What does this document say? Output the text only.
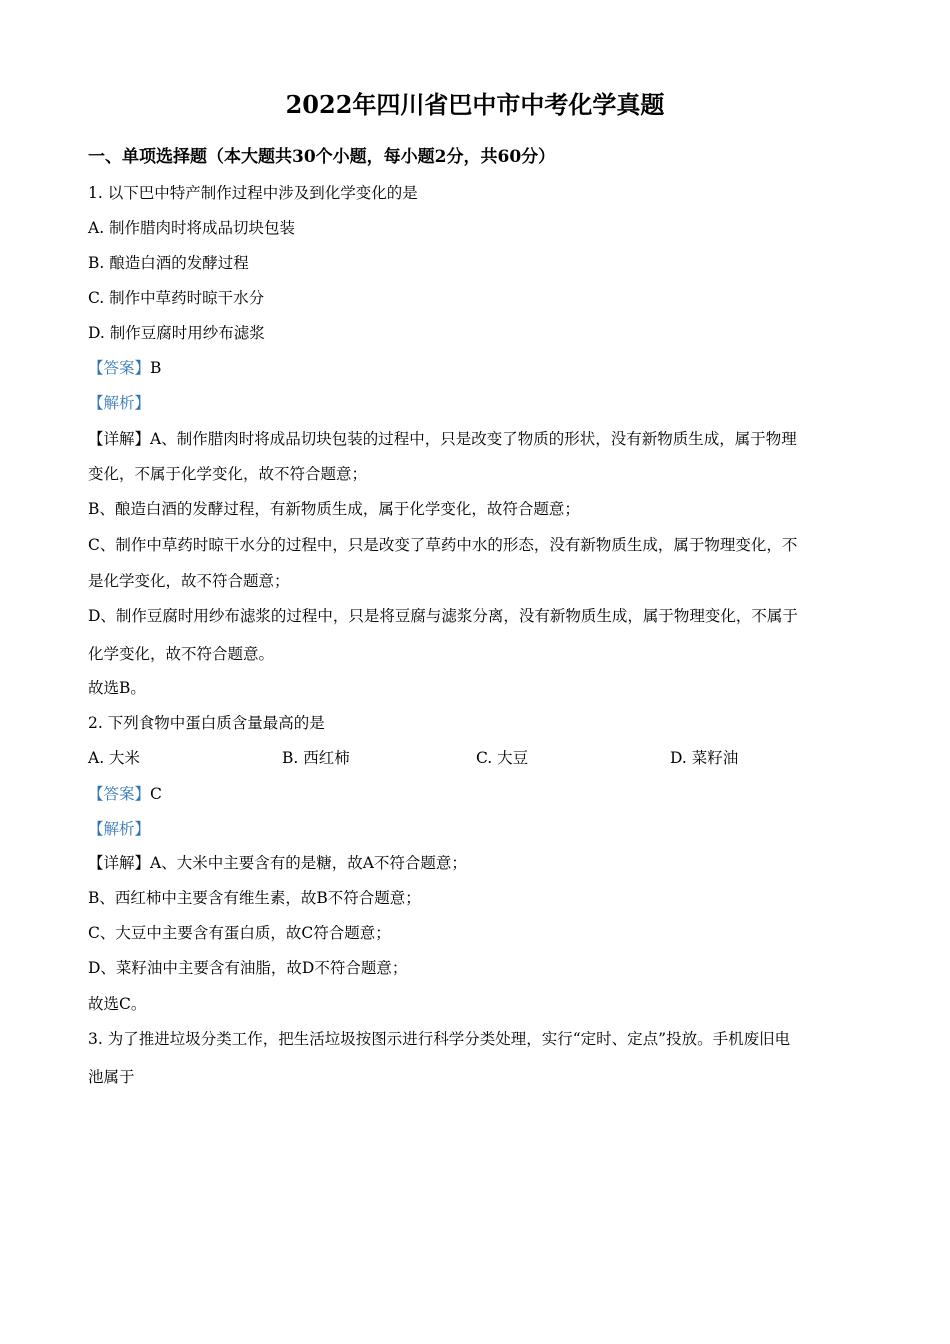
2022年四川省巴中市中考化学真题
一、单项选择题（本大题共30个小题，每小题2分，共60分）
1. 以下巴中特产制作过程中涉及到化学变化的是
A. 制作腊肉时将成品切块包装
B. 酿造白酒的发酵过程
C. 制作中草药时晾干水分
D. 制作豆腐时用纱布滤浆
【答案】B
【解析】
【详解】A、制作腊肉时将成品切块包装的过程中，只是改变了物质的形状，没有新物质生成，属于物理
变化，不属于化学变化，故不符合题意；
B、酿造白酒的发酵过程，有新物质生成，属于化学变化，故符合题意；
C、制作中草药时晾干水分的过程中，只是改变了草药中水的形态，没有新物质生成，属于物理变化，不
是化学变化，故不符合题意；
D、制作豆腐时用纱布滤浆的过程中，只是将豆腐与滤浆分离，没有新物质生成，属于物理变化，不属于
化学变化，故不符合题意。
故选B。
2. 下列食物中蛋白质含量最高的是
A. 大米	B. 西红柿	C. 大豆	D. 菜籽油
【答案】C
【解析】
【详解】A、大米中主要含有的是糖，故A不符合题意；
B、西红柿中主要含有维生素，故B不符合题意；
C、大豆中主要含有蛋白质，故C符合题意；
D、菜籽油中主要含有油脂，故D不符合题意；
故选C。
3. 为了推进垃圾分类工作，把生活垃圾按图示进行科学分类处理，实行“定时、定点”投放。手机废旧电
池属于
